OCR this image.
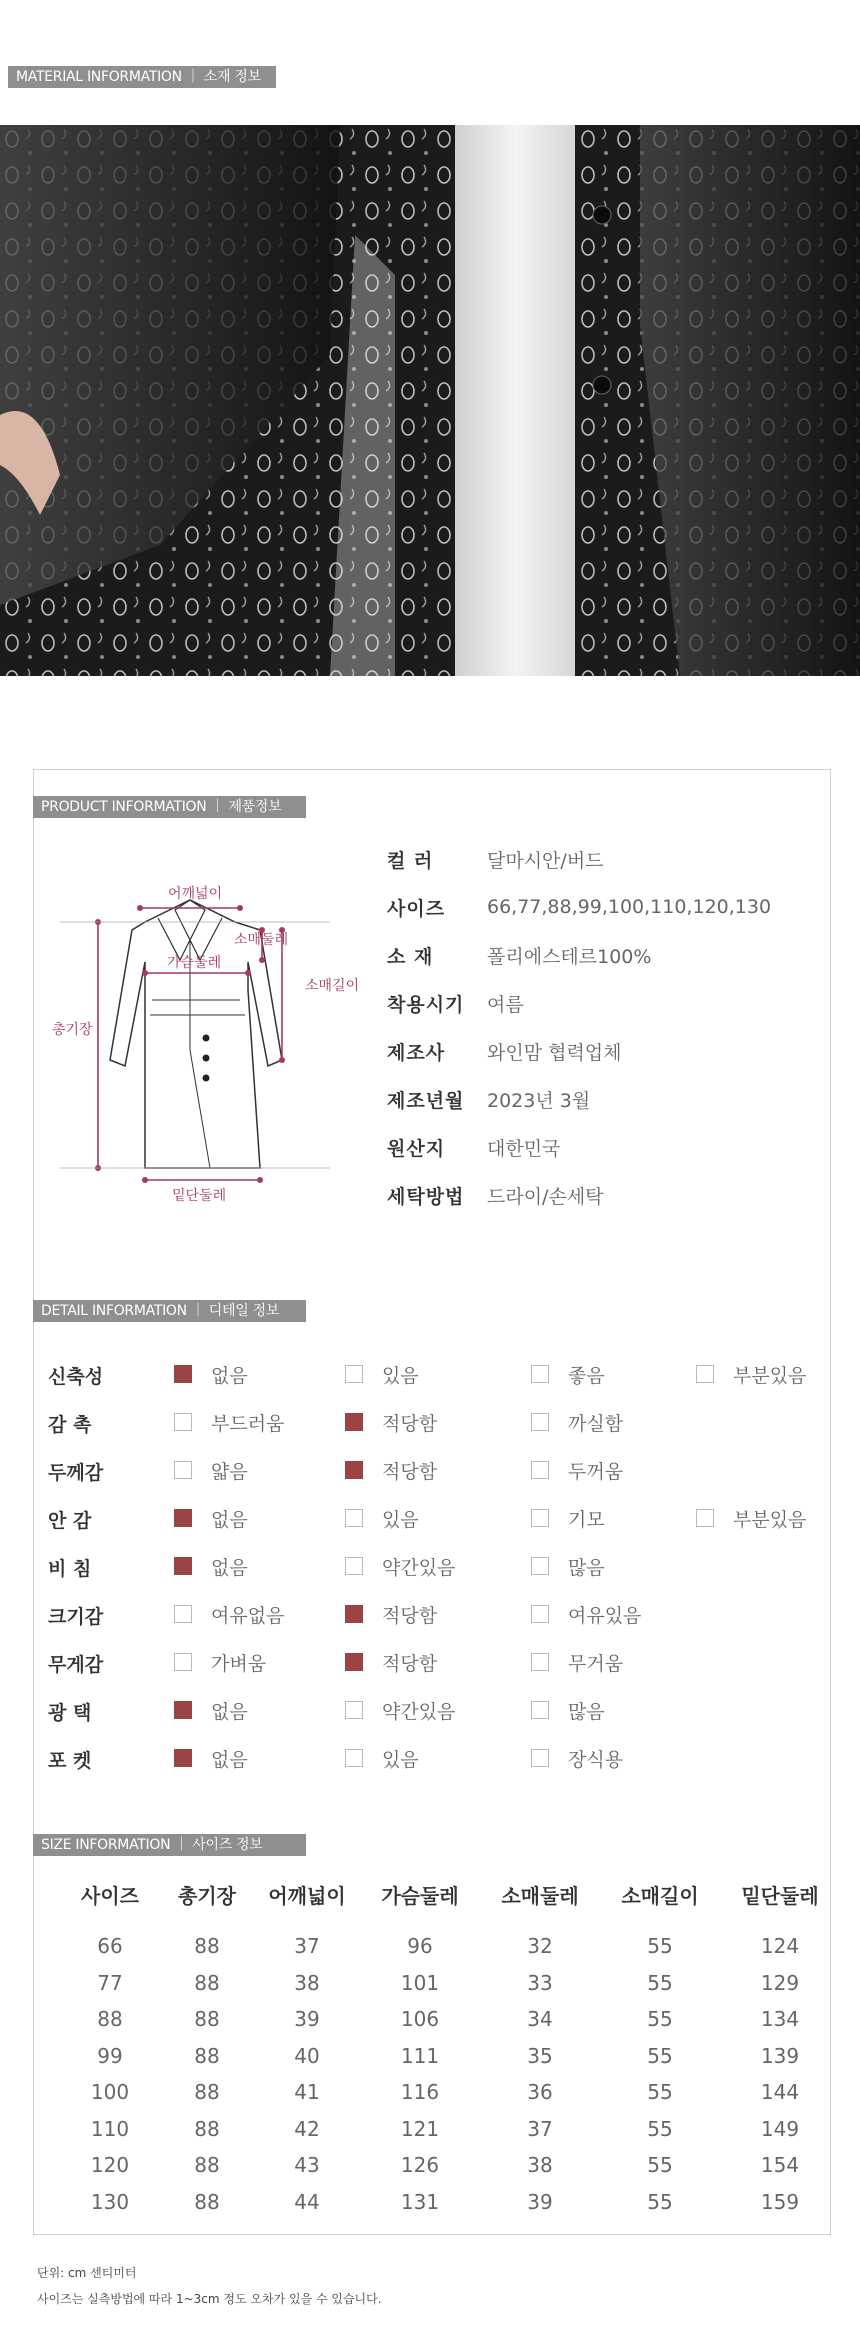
MATERIAL INFORMATION ｜ 소재 정보
PRODUCT INFORMATION ｜ 제품정보
어깨넓이
소매둘레
가슴둘레
소매길이
총기장
밑단둘레
컬 러	달마시안/버드
사이즈	66,77,88,99,100,110,120,130
소 재	폴리에스테르100%
착용시기	여름
제조사	와인맘 협력업체
제조년월	2023년 3월
원산지	대한민국
세탁방법	드라이/손세탁
DETAIL INFORMATION ｜ 디테일 정보
신축성	없음	있음	좋음	부분있음
감 촉	부드러움	적당함	까실함
두께감	얇음	적당함	두꺼움
안 감	없음	있음	기모	부분있음
비 침	없음	약간있음	많음
크기감	여유없음	적당함	여유있음
무게감	가벼움	적당함	무거움
광 택	없음	약간있음	많음
포 켓	없음	있음	장식용
SIZE INFORMATION ｜ 사이즈 정보
사이즈	총기장	어깨넓이	가슴둘레	소매둘레	소매길이	밑단둘레
66	88	37	96	32	55	124
77	88	38	101	33	55	129
88	88	39	106	34	55	134
99	88	40	111	35	55	139
100	88	41	116	36	55	144
110	88	42	121	37	55	149
120	88	43	126	38	55	154
130	88	44	131	39	55	159
단위: cm 센티미터
사이즈는 실측방법에 따라 1~3cm 정도 오차가 있을 수 있습니다.
